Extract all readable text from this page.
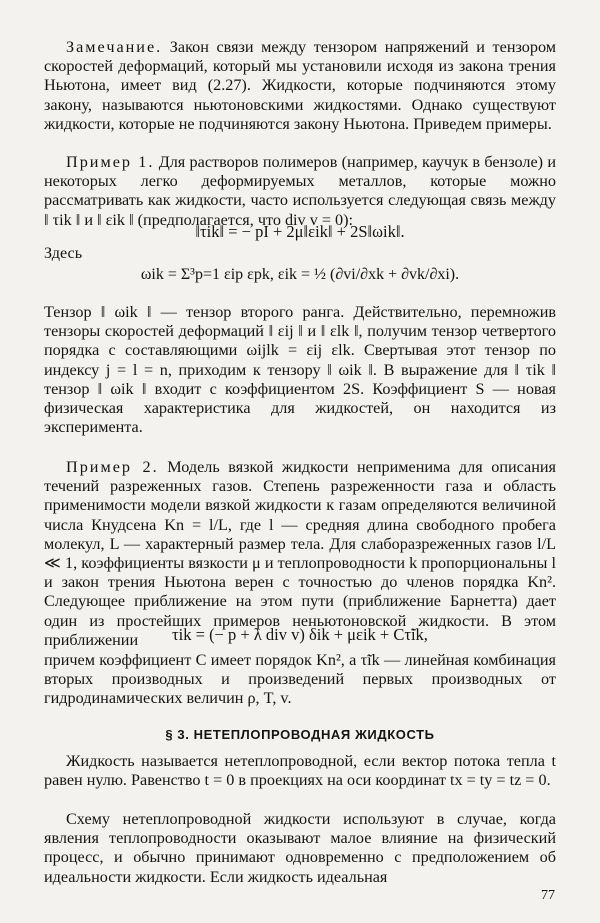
Замечание. Закон связи между тензором напряжений и тензором скоростей деформаций, который мы установили исходя из закона трения Ньютона, имеет вид (2.27). Жидкости, которые подчиняются этому закону, называются ньютоновскими жидкостями. Однако существуют жидкости, которые не подчиняются закону Ньютона. Приведем примеры.

Пример 1. Для растворов полимеров (например, каучук в бензоле) и некоторых легко деформируемых металлов, которые можно рассматривать как жидкости, часто используется следующая связь между ‖ τik ‖ и ‖ εik ‖ (предполагается, что div v = 0):

‖τik‖ = − pI + 2μ‖εik‖ + 2S‖ωik‖.

Здесь

ωik = Σ³p=1 εip εpk, εik = ½ (∂vi/∂xk + ∂vk/∂xi).

Тензор ‖ ωik ‖ — тензор второго ранга. Действительно, перемножив тензоры скоростей деформаций ‖ εij ‖ и ‖ εlk ‖, получим тензор четвертого порядка с составляющими ωijlk = εij εlk. Свертывая этот тензор по индексу j = l = n, приходим к тензору ‖ ωik ‖. В выражение для ‖ τik ‖ тензор ‖ ωik ‖ входит с коэффициентом 2S. Коэффициент S — новая физическая характеристика для жидкостей, он находится из эксперимента.

Пример 2. Модель вязкой жидкости неприменима для описания течений разреженных газов. Степень разреженности газа и область применимости модели вязкой жидкости к газам определяются величиной числа Кнудсена Kn = l/L, где l — средняя длина свободного пробега молекул, L — характерный размер тела. Для слаборазреженных газов l/L ≪ 1, коэффициенты вязкости μ и теплопроводности k пропорциональны l и закон трения Ньютона верен с точностью до членов порядка Kn². Следующее приближение на этом пути (приближение Барнетта) дает один из простейших примеров неньютоновской жидкости. В этом приближении	τik = (− p + λ div v) δik + μεik + Cτ̃ik,

причем коэффициент C имеет порядок Kn², а τ̃ik — линейная комбинация вторых производных и произведений первых производных от гидродинамических величин ρ, T, v.

§ 3. НЕТЕПЛОПРОВОДНАЯ ЖИДКОСТЬ

Жидкость называется нетеплопроводной, если вектор потока тепла t равен нулю. Равенство t = 0 в проекциях на оси координат tx = ty = tz = 0.

Схему нетеплопроводной жидкости используют в случае, когда явления теплопроводности оказывают малое влияние на физический процесс, и обычно принимают одновременно с предположением об идеальности жидкости. Если жидкость идеальная

77
